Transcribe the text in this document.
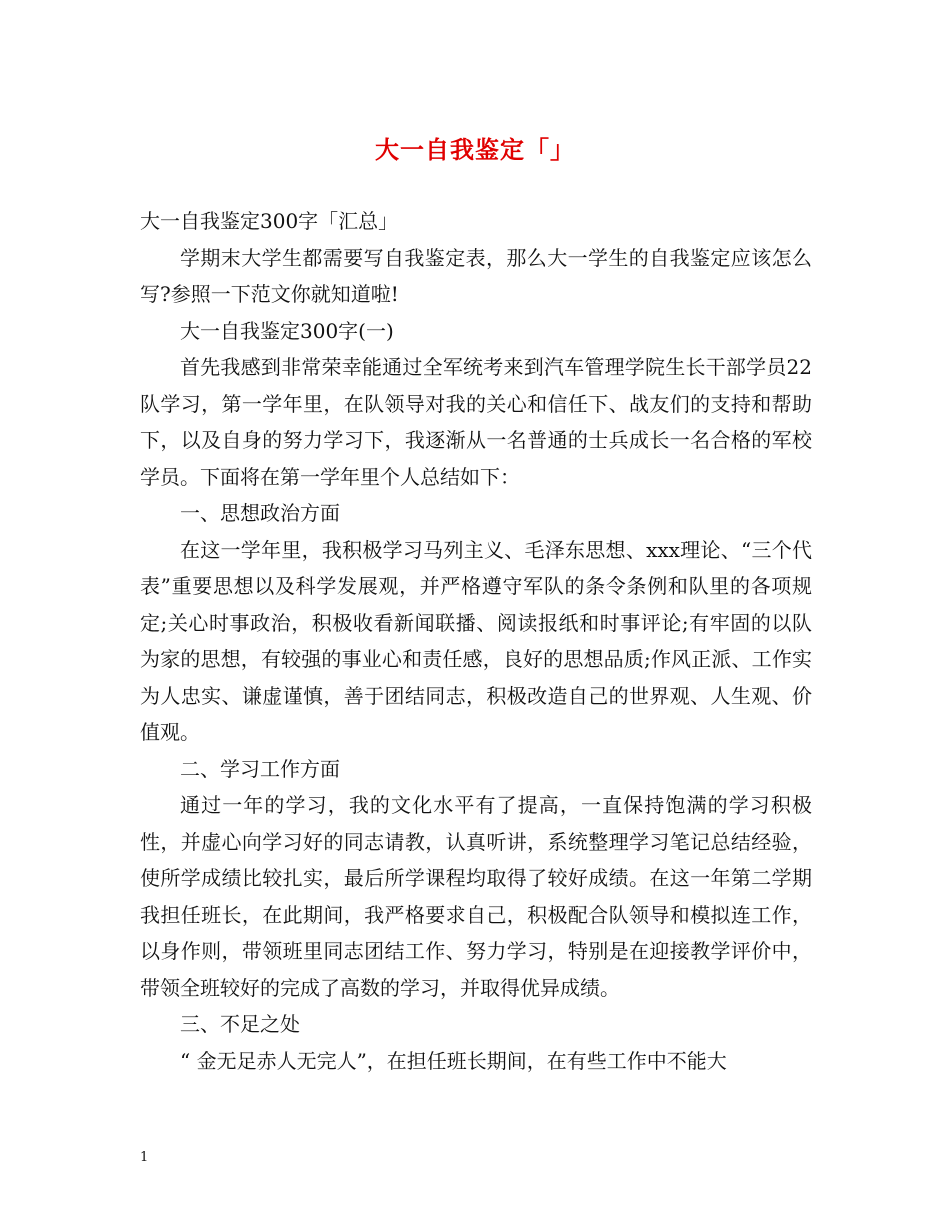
大一自我鉴定「」

大一自我鉴定300字「汇总」

学期末大学生都需要写自我鉴定表，那么大一学生的自我鉴定应该怎么写?参照一下范文你就知道啦!

大一自我鉴定300字(一)

首先我感到非常荣幸能通过全军统考来到汽车管理学院生长干部学员22队学习，第一学年里，在队领导对我的关心和信任下、战友们的支持和帮助下，以及自身的努力学习下，我逐渐从一名普通的士兵成长一名合格的军校学员。下面将在第一学年里个人总结如下：

一、思想政治方面

在这一学年里，我积极学习马列主义、毛泽东思想、xxx理论、“三个代表”重要思想以及科学发展观，并严格遵守军队的条令条例和队里的各项规定;关心时事政治，积极收看新闻联播、阅读报纸和时事评论;有牢固的以队为家的思想，有较强的事业心和责任感，良好的思想品质;作风正派、工作实为人忠实、谦虚谨慎，善于团结同志，积极改造自己的世界观、人生观、价值观。

二、学习工作方面

通过一年的学习，我的文化水平有了提高，一直保持饱满的学习积极性，并虚心向学习好的同志请教，认真听讲，系统整理学习笔记总结经验，使所学成绩比较扎实，最后所学课程均取得了较好成绩。在这一年第二学期我担任班长，在此期间，我严格要求自己，积极配合队领导和模拟连工作，以身作则，带领班里同志团结工作、努力学习，特别是在迎接教学评价中，带领全班较好的完成了高数的学习，并取得优异成绩。

三、不足之处

“ 金无足赤人无完人”，在担任班长期间，在有些工作中不能大

1
